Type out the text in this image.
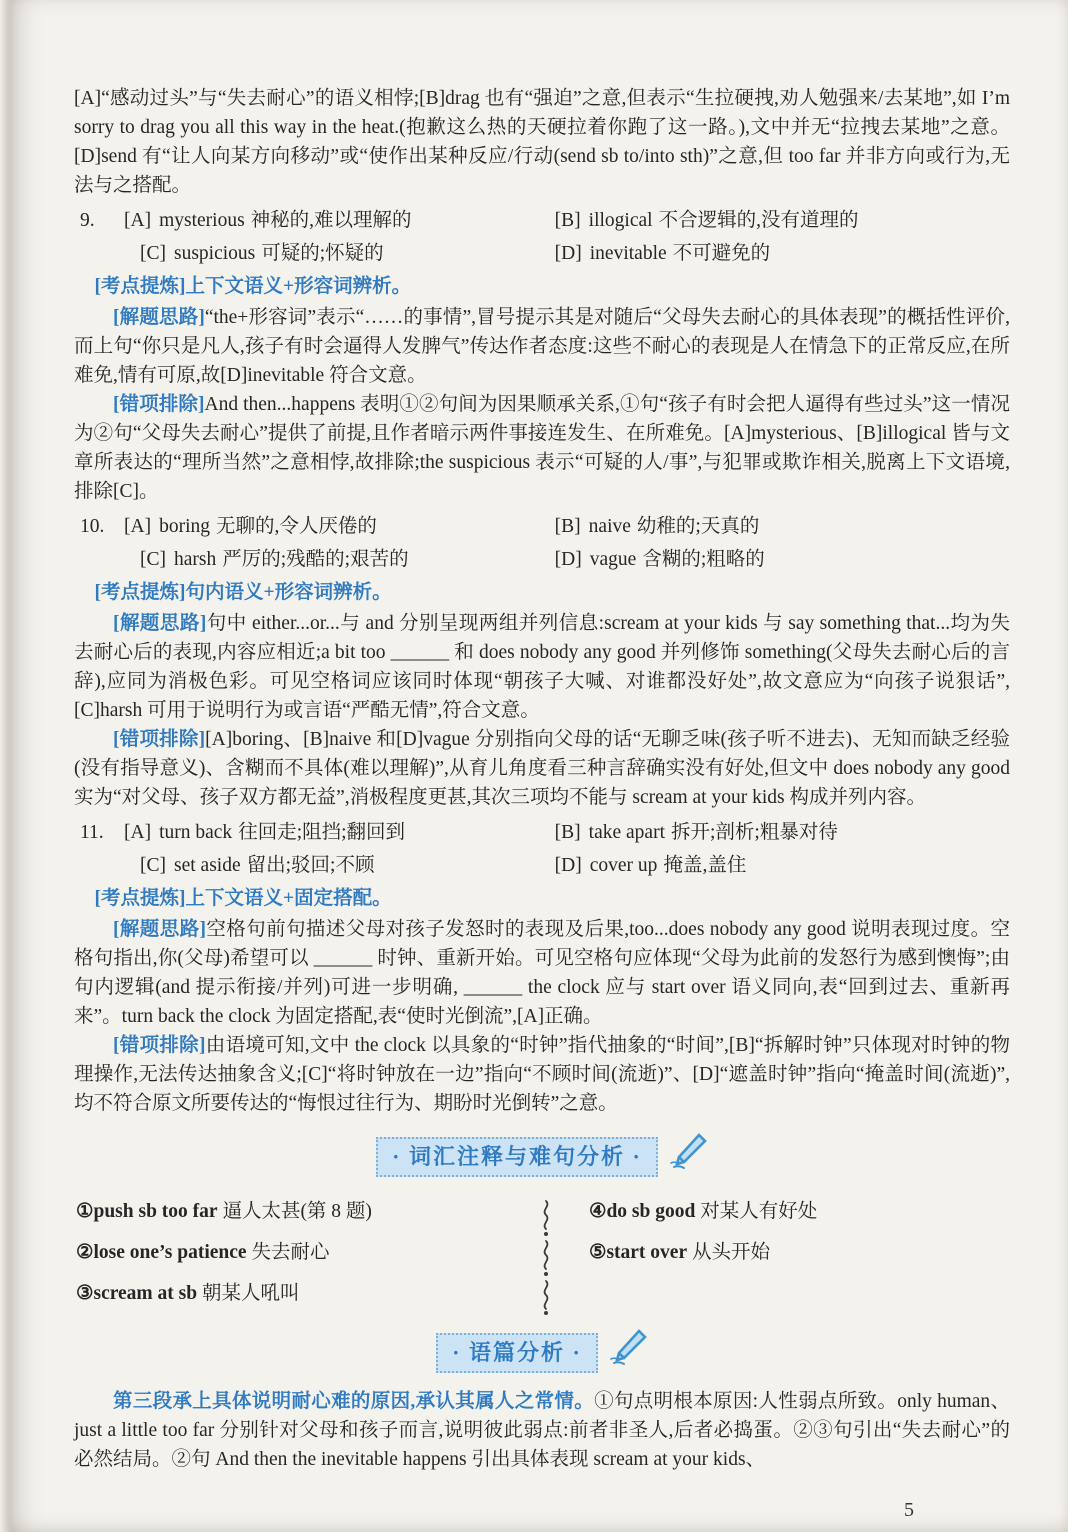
[A]“感动过头”与“失去耐心”的语义相悖;[B]drag 也有“强迫”之意,但表示“生拉硬拽,劝人勉强来/去某地”,如 I’m sorry to drag you all this way in the heat.(抱歉这么热的天硬拉着你跑了这一路。),文中并无“拉拽去某地”之意。[D]send 有“让人向某方向移动”或“使作出某种反应/行动(send sb to/into sth)”之意,但 too far 并非方向或行为,无法与之搭配。

9. [A] mysterious 神秘的,难以理解的	[B] illogical 不合逻辑的,没有道理的
[C] suspicious 可疑的;怀疑的	[D] inevitable 不可避免的

[考点提炼]上下文语义+形容词辨析。

[解题思路]“the+形容词”表示“……的事情”,冒号提示其是对随后“父母失去耐心的具体表现”的概括性评价,而上句“你只是凡人,孩子有时会逼得人发脾气”传达作者态度:这些不耐心的表现是人在情急下的正常反应,在所难免,情有可原,故[D]inevitable 符合文意。

[错项排除]And then...happens 表明①②句间为因果顺承关系,①句“孩子有时会把人逼得有些过头”这一情况为②句“父母失去耐心”提供了前提,且作者暗示两件事接连发生、在所难免。[A]mysterious、[B]illogical 皆与文章所表达的“理所当然”之意相悖,故排除;the suspicious 表示“可疑的人/事”,与犯罪或欺诈相关,脱离上下文语境,排除[C]。

10. [A] boring 无聊的,令人厌倦的	[B] naive 幼稚的;天真的
[C] harsh 严厉的;残酷的;艰苦的	[D] vague 含糊的;粗略的

[考点提炼]句内语义+形容词辨析。

[解题思路]句中 either...or...与 and 分别呈现两组并列信息:scream at your kids 与 say something that...均为失去耐心后的表现,内容应相近;a bit too ______ 和 does nobody any good 并列修饰 something(父母失去耐心后的言辞),应同为消极色彩。可见空格词应该同时体现“朝孩子大喊、对谁都没好处”,故文意应为“向孩子说狠话”,[C]harsh 可用于说明行为或言语“严酷无情”,符合文意。

[错项排除][A]boring、[B]naive 和[D]vague 分别指向父母的话“无聊乏味(孩子听不进去)、无知而缺乏经验(没有指导意义)、含糊而不具体(难以理解)”,从育儿角度看三种言辞确实没有好处,但文中 does nobody any good 实为“对父母、孩子双方都无益”,消极程度更甚,其次三项均不能与 scream at your kids 构成并列内容。

11. [A] turn back 往回走;阻挡;翻回到	[B] take apart 拆开;剖析;粗暴对待
[C] set aside 留出;驳回;不顾	[D] cover up 掩盖,盖住

[考点提炼]上下文语义+固定搭配。

[解题思路]空格句前句描述父母对孩子发怒时的表现及后果,too...does nobody any good 说明表现过度。空格句指出,你(父母)希望可以 ______ 时钟、重新开始。可见空格句应体现“父母为此前的发怒行为感到懊悔”;由句内逻辑(and 提示衔接/并列)可进一步明确, ______ the clock 应与 start over 语义同向,表“回到过去、重新再来”。turn back the clock 为固定搭配,表“使时光倒流”,[A]正确。

[错项排除]由语境可知,文中 the clock 以具象的“时钟”指代抽象的“时间”,[B]“拆解时钟”只体现对时钟的物理操作,无法传达抽象含义;[C]“将时钟放在一边”指向“不顾时间(流逝)”、[D]“遮盖时钟”指向“掩盖时间(流逝)”,均不符合原文所要传达的“悔恨过往行为、期盼时光倒转”之意。

· 词汇注释与难句分析 ·
①push sb too far 逼人太甚(第 8 题)
②lose one’s patience 失去耐心
③scream at sb 朝某人吼叫
④do sb good 对某人有好处
⑤start over 从头开始
· 语篇分析 ·

第三段承上具体说明耐心难的原因,承认其属人之常情。①句点明根本原因:人性弱点所致。only human、just a little too far 分别针对父母和孩子而言,说明彼此弱点:前者非圣人,后者必捣蛋。②③句引出“失去耐心”的必然结局。②句 And then the inevitable happens 引出具体表现 scream at your kids、

5
